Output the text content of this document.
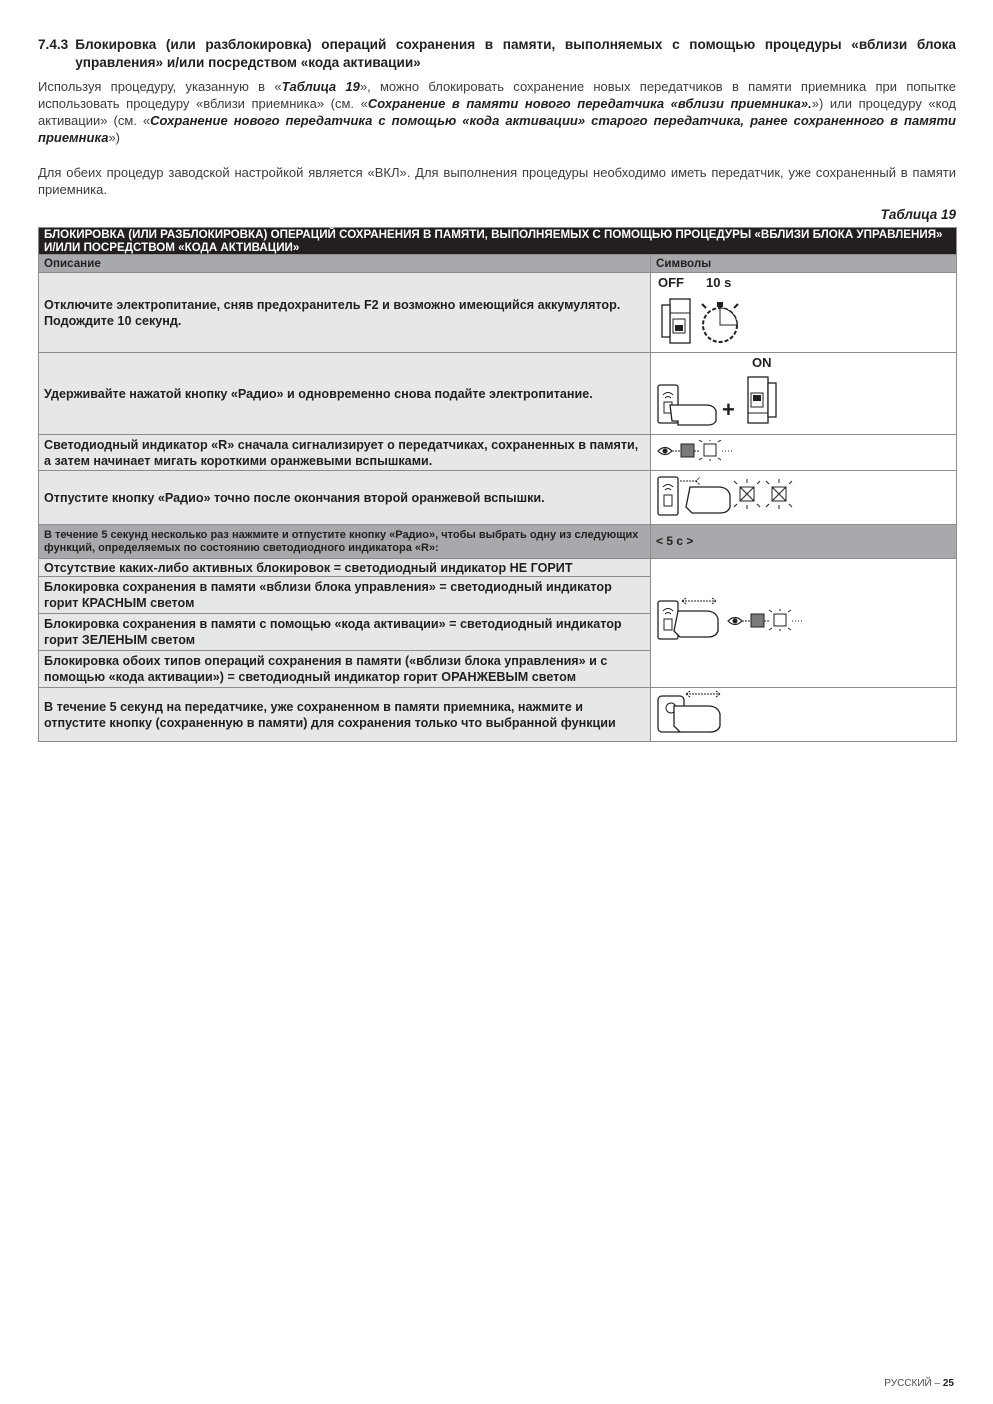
7.4.3 Блокировка (или разблокировка) операций сохранения в памяти, выполняемых с помощью процедуры «вблизи блока управления» и/или посредством «кода активации»

Используя процедуру, указанную в «Таблица 19», можно блокировать сохранение новых передатчиков в памяти приемника при попытке использовать процедуру «вблизи приемника» (см. «Сохранение в памяти нового передатчика «вблизи приемника».») или процедуру «код активации» (см. «Сохранение нового передатчика с помощью «кода активации» старого передатчика, ранее сохраненного в памяти приемника»)

Для обеих процедур заводской настройкой является «ВКЛ». Для выполнения процедуры необходимо иметь передатчик, уже сохраненный в памяти приемника.

Таблица 19

БЛОКИРОВКА (ИЛИ РАЗБЛОКИРОВКА) ОПЕРАЦИЙ СОХРАНЕНИЯ В ПАМЯТИ, ВЫПОЛНЯЕМЫХ С ПОМОЩЬЮ ПРОЦЕДУРЫ «ВБЛИЗИ БЛОКА УПРАВЛЕНИЯ» И/ИЛИ ПОСРЕДСТВОМ «КОДА АКТИВАЦИИ»	
Описание	Символы
Отключите электропитание, сняв предохранитель F2 и возможно имеющийся аккумулятор. Подождите 10 секунд.	OFF 10 s

Удерживайте нажатой кнопку «Радио» и одновременно снова подайте электропитание.	ON
+

Светодиодный индикатор «R» сначала сигнализирует о передатчиках, сохраненных в памяти, а затем начинает мигать короткими оранжевыми вспышками.	
Отпустите кнопку «Радио» точно после окончания второй оранжевой вспышки.	
В течение 5 секунд несколько раз нажмите и отпустите кнопку «Радио», чтобы выбрать одну из следующих функций, определяемых по состоянию светодиодного индикатора «R»:	< 5 с >
Отсутствие каких-либо активных блокировок = светодиодный индикатор НЕ ГОРИТ	
Блокировка сохранения в памяти «вблизи блока управления» = светодиодный индикатор горит КРАСНЫМ светом	
Блокировка сохранения в памяти с помощью «кода активации» = светодиодный индикатор горит ЗЕЛЕНЫМ светом	
Блокировка обоих типов операций сохранения в памяти («вблизи блока управления» и с помощью «кода активации») = светодиодный индикатор горит ОРАНЖЕВЫМ светом	
В течение 5 секунд на передатчике, уже сохраненном в памяти приемника, нажмите и отпустите кнопку (сохраненную в памяти) для сохранения только что выбранной функции	

РУССКИЙ – 25
